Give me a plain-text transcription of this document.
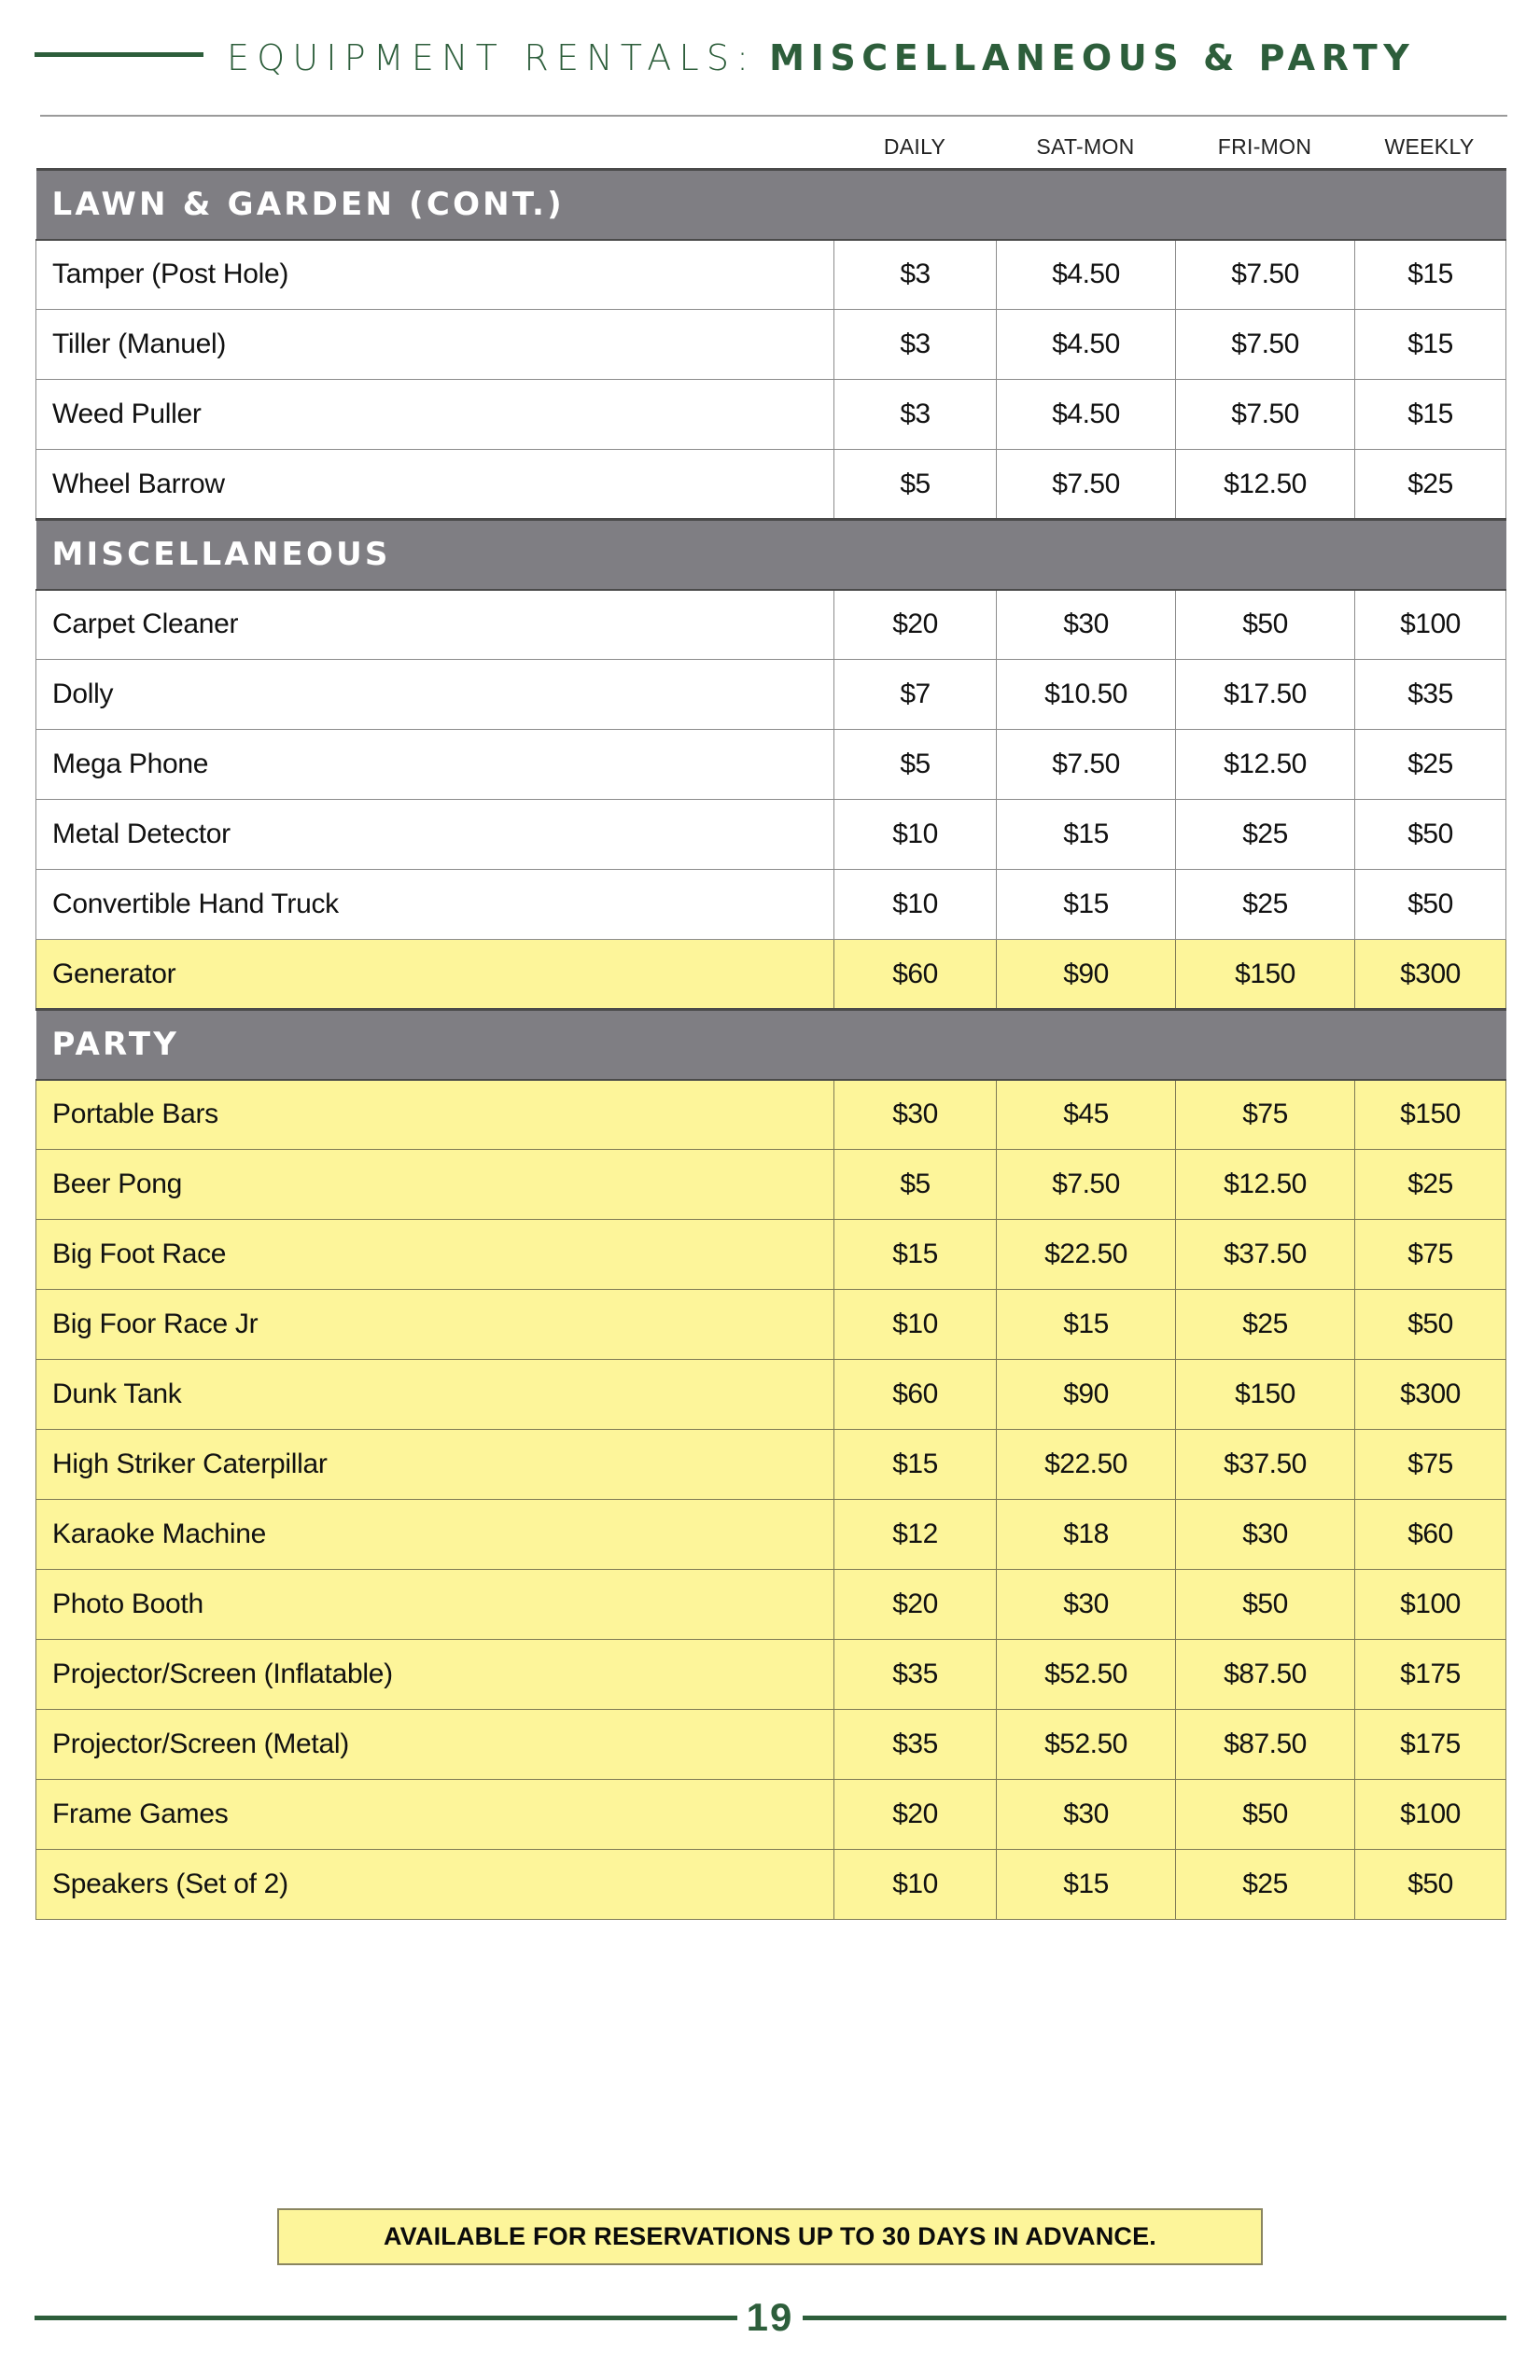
EQUIPMENT RENTALS: MISCELLANEOUS & PARTY
DAILY	SAT-MON	FRI-MON	WEEKLY
LAWN & GARDEN (CONT.)				
Tamper (Post Hole)	$3	$4.50	$7.50	$15
Tiller (Manuel)	$3	$4.50	$7.50	$15
Weed Puller	$3	$4.50	$7.50	$15
Wheel Barrow	$5	$7.50	$12.50	$25
MISCELLANEOUS				
Carpet Cleaner	$20	$30	$50	$100
Dolly	$7	$10.50	$17.50	$35
Mega Phone	$5	$7.50	$12.50	$25
Metal Detector	$10	$15	$25	$50
Convertible Hand Truck	$10	$15	$25	$50
Generator	$60	$90	$150	$300
PARTY				
Portable Bars	$30	$45	$75	$150
Beer Pong	$5	$7.50	$12.50	$25
Big Foot Race	$15	$22.50	$37.50	$75
Big Foor Race Jr	$10	$15	$25	$50
Dunk Tank	$60	$90	$150	$300
High Striker Caterpillar	$15	$22.50	$37.50	$75
Karaoke Machine	$12	$18	$30	$60
Photo Booth	$20	$30	$50	$100
Projector/Screen (Inflatable)	$35	$52.50	$87.50	$175
Projector/Screen (Metal)	$35	$52.50	$87.50	$175
Frame Games	$20	$30	$50	$100
Speakers (Set of 2)	$10	$15	$25	$50
AVAILABLE FOR RESERVATIONS UP TO 30 DAYS IN ADVANCE.
19
